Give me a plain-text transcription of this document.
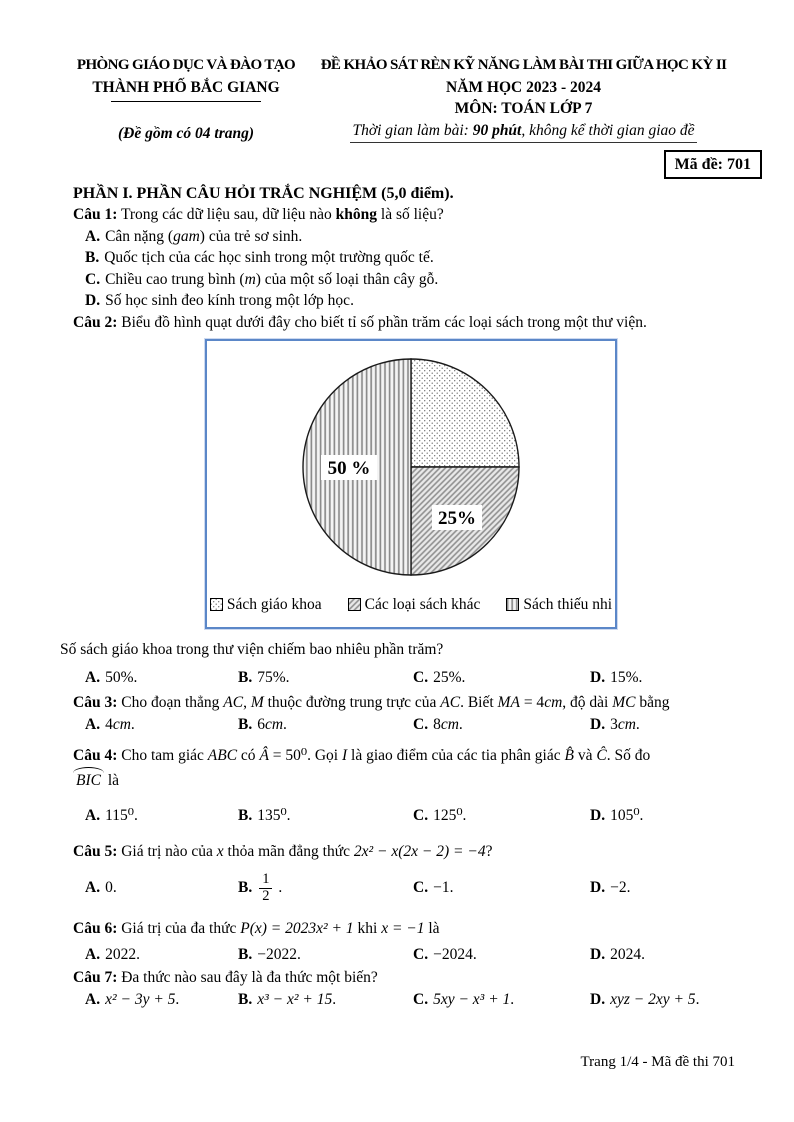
PHÒNG GIÁO DỤC VÀ ĐÀO TẠO
THÀNH PHỐ BẮC GIANG
(Đề gồm có 04 trang)
ĐỀ KHẢO SÁT RÈN KỸ NĂNG LÀM BÀI THI GIỮA HỌC KỲ II
NĂM HỌC 2023 - 2024
MÔN: TOÁN LỚP 7
Thời gian làm bài: 90 phút, không kể thời gian giao đề
Mã đề: 701
PHẦN I. PHẦN CÂU HỎI TRẮC NGHIỆM (5,0 điểm).

Câu 1: Trong các dữ liệu sau, dữ liệu nào không là số liệu?

A. Cân nặng (gam) của trẻ sơ sinh.

B. Quốc tịch của các học sinh trong một trường quốc tế.

C. Chiều cao trung bình (m) của một số loại thân cây gỗ.

D. Số học sinh đeo kính trong một lớp học.

Câu 2: Biểu đồ hình quạt dưới đây cho biết tỉ số phần trăm các loại sách trong một thư viện.

50 %
25%
Sách giáo khoa	Các loại sách khác	Sách thiếu nhi

Số sách giáo khoa trong thư viện chiếm bao nhiêu phần trăm?

A. 50%.	B. 75%.	C. 25%.	D. 15%.

Câu 3: Cho đoạn thẳng AC, M thuộc đường trung trực của AC. Biết MA = 4cm, độ dài MC bằng

A. 4cm.	B. 6cm.	C. 8cm.	D. 3cm.

Câu 4: Cho tam giác ABC có Â = 50⁰. Gọi I là giao điểm của các tia phân giác B̂ và Ĉ. Số đo
BIC là

A. 115⁰.	B. 135⁰.	C. 125⁰.	D. 105⁰.

Câu 5: Giá trị nào của x thỏa mãn đẳng thức 2x² − x(2x − 2) = −4?

A. 0.	B. $\frac{1}{2}$ .	C. −1.	D. −2.

Câu 6: Giá trị của đa thức P(x) = 2023x² + 1 khi x = −1 là

A. 2022.	B. −2022.	C. −2024.	D. 2024.

Câu 7: Đa thức nào sau đây là đa thức một biến?

A. x² − 3y + 5.	B. x³ − x² + 15.	C. 5xy − x³ + 1.	D. xyz − 2xy + 5.
Trang 1/4 - Mã đề thi 701
